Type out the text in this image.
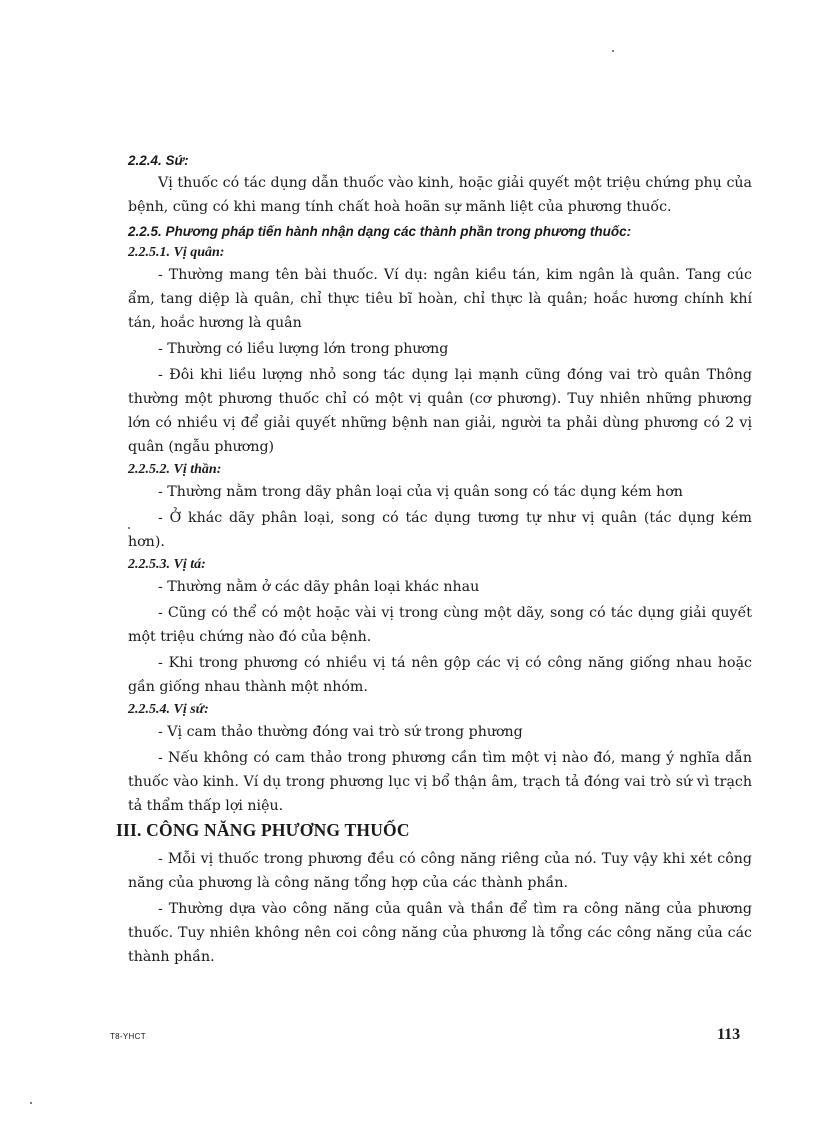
2.2.4. Sứ:

Vị thuốc có tác dụng dẫn thuốc vào kinh, hoặc giải quyết một triệu chứng phụ của bệnh, cũng có khi mang tính chất hoà hoãn sự mãnh liệt của phương thuốc.

2.2.5. Phương pháp tiến hành nhận dạng các thành phần trong phương thuốc:

2.2.5.1. Vị quân:

- Thường mang tên bài thuốc. Ví dụ: ngân kiều tán, kim ngân là quân. Tang cúc ẩm, tang diệp là quân, chỉ thực tiêu bĩ hoàn, chỉ thực là quân; hoắc hương chính khí tán, hoắc hương là quân

- Thường có liều lượng lớn trong phương

- Đôi khi liều lượng nhỏ song tác dụng lại mạnh cũng đóng vai trò quân Thông thường một phương thuốc chỉ có một vị quân (cơ phương). Tuy nhiên những phương lớn có nhiều vị để giải quyết những bệnh nan giải, người ta phải dùng phương có 2 vị quân (ngẫu phương)

2.2.5.2. Vị thần:

- Thường nằm trong dãy phân loại của vị quân song có tác dụng kém hơn

- Ở khác dãy phân loại, song có tác dụng tương tự như vị quân (tác dụng kém hơn).

2.2.5.3. Vị tá:

- Thường nằm ở các dãy phân loại khác nhau

- Cũng có thể có một hoặc vài vị trong cùng một dãy, song có tác dụng giải quyết một triệu chứng nào đó của bệnh.

- Khi trong phương có nhiều vị tá nên gộp các vị có công năng giống nhau hoặc gần giống nhau thành một nhóm.

2.2.5.4. Vị sứ:

- Vị cam thảo thường đóng vai trò sứ trong phương

- Nếu không có cam thảo trong phương cần tìm một vị nào đó, mang ý nghĩa dẫn thuốc vào kinh. Ví dụ trong phương lục vị bổ thận âm, trạch tả đóng vai trò sứ vì trạch tả thẩm thấp lợi niệu.

III. CÔNG NĂNG PHƯƠNG THUỐC

- Mỗi vị thuốc trong phương đều có công năng riêng của nó. Tuy vậy khi xét công năng của phương là công năng tổng hợp của các thành phần.

- Thường dựa vào công năng của quân và thần để tìm ra công năng của phương thuốc. Tuy nhiên không nên coi công năng của phương là tổng các công năng của các thành phần.

T8-YHCT	113
